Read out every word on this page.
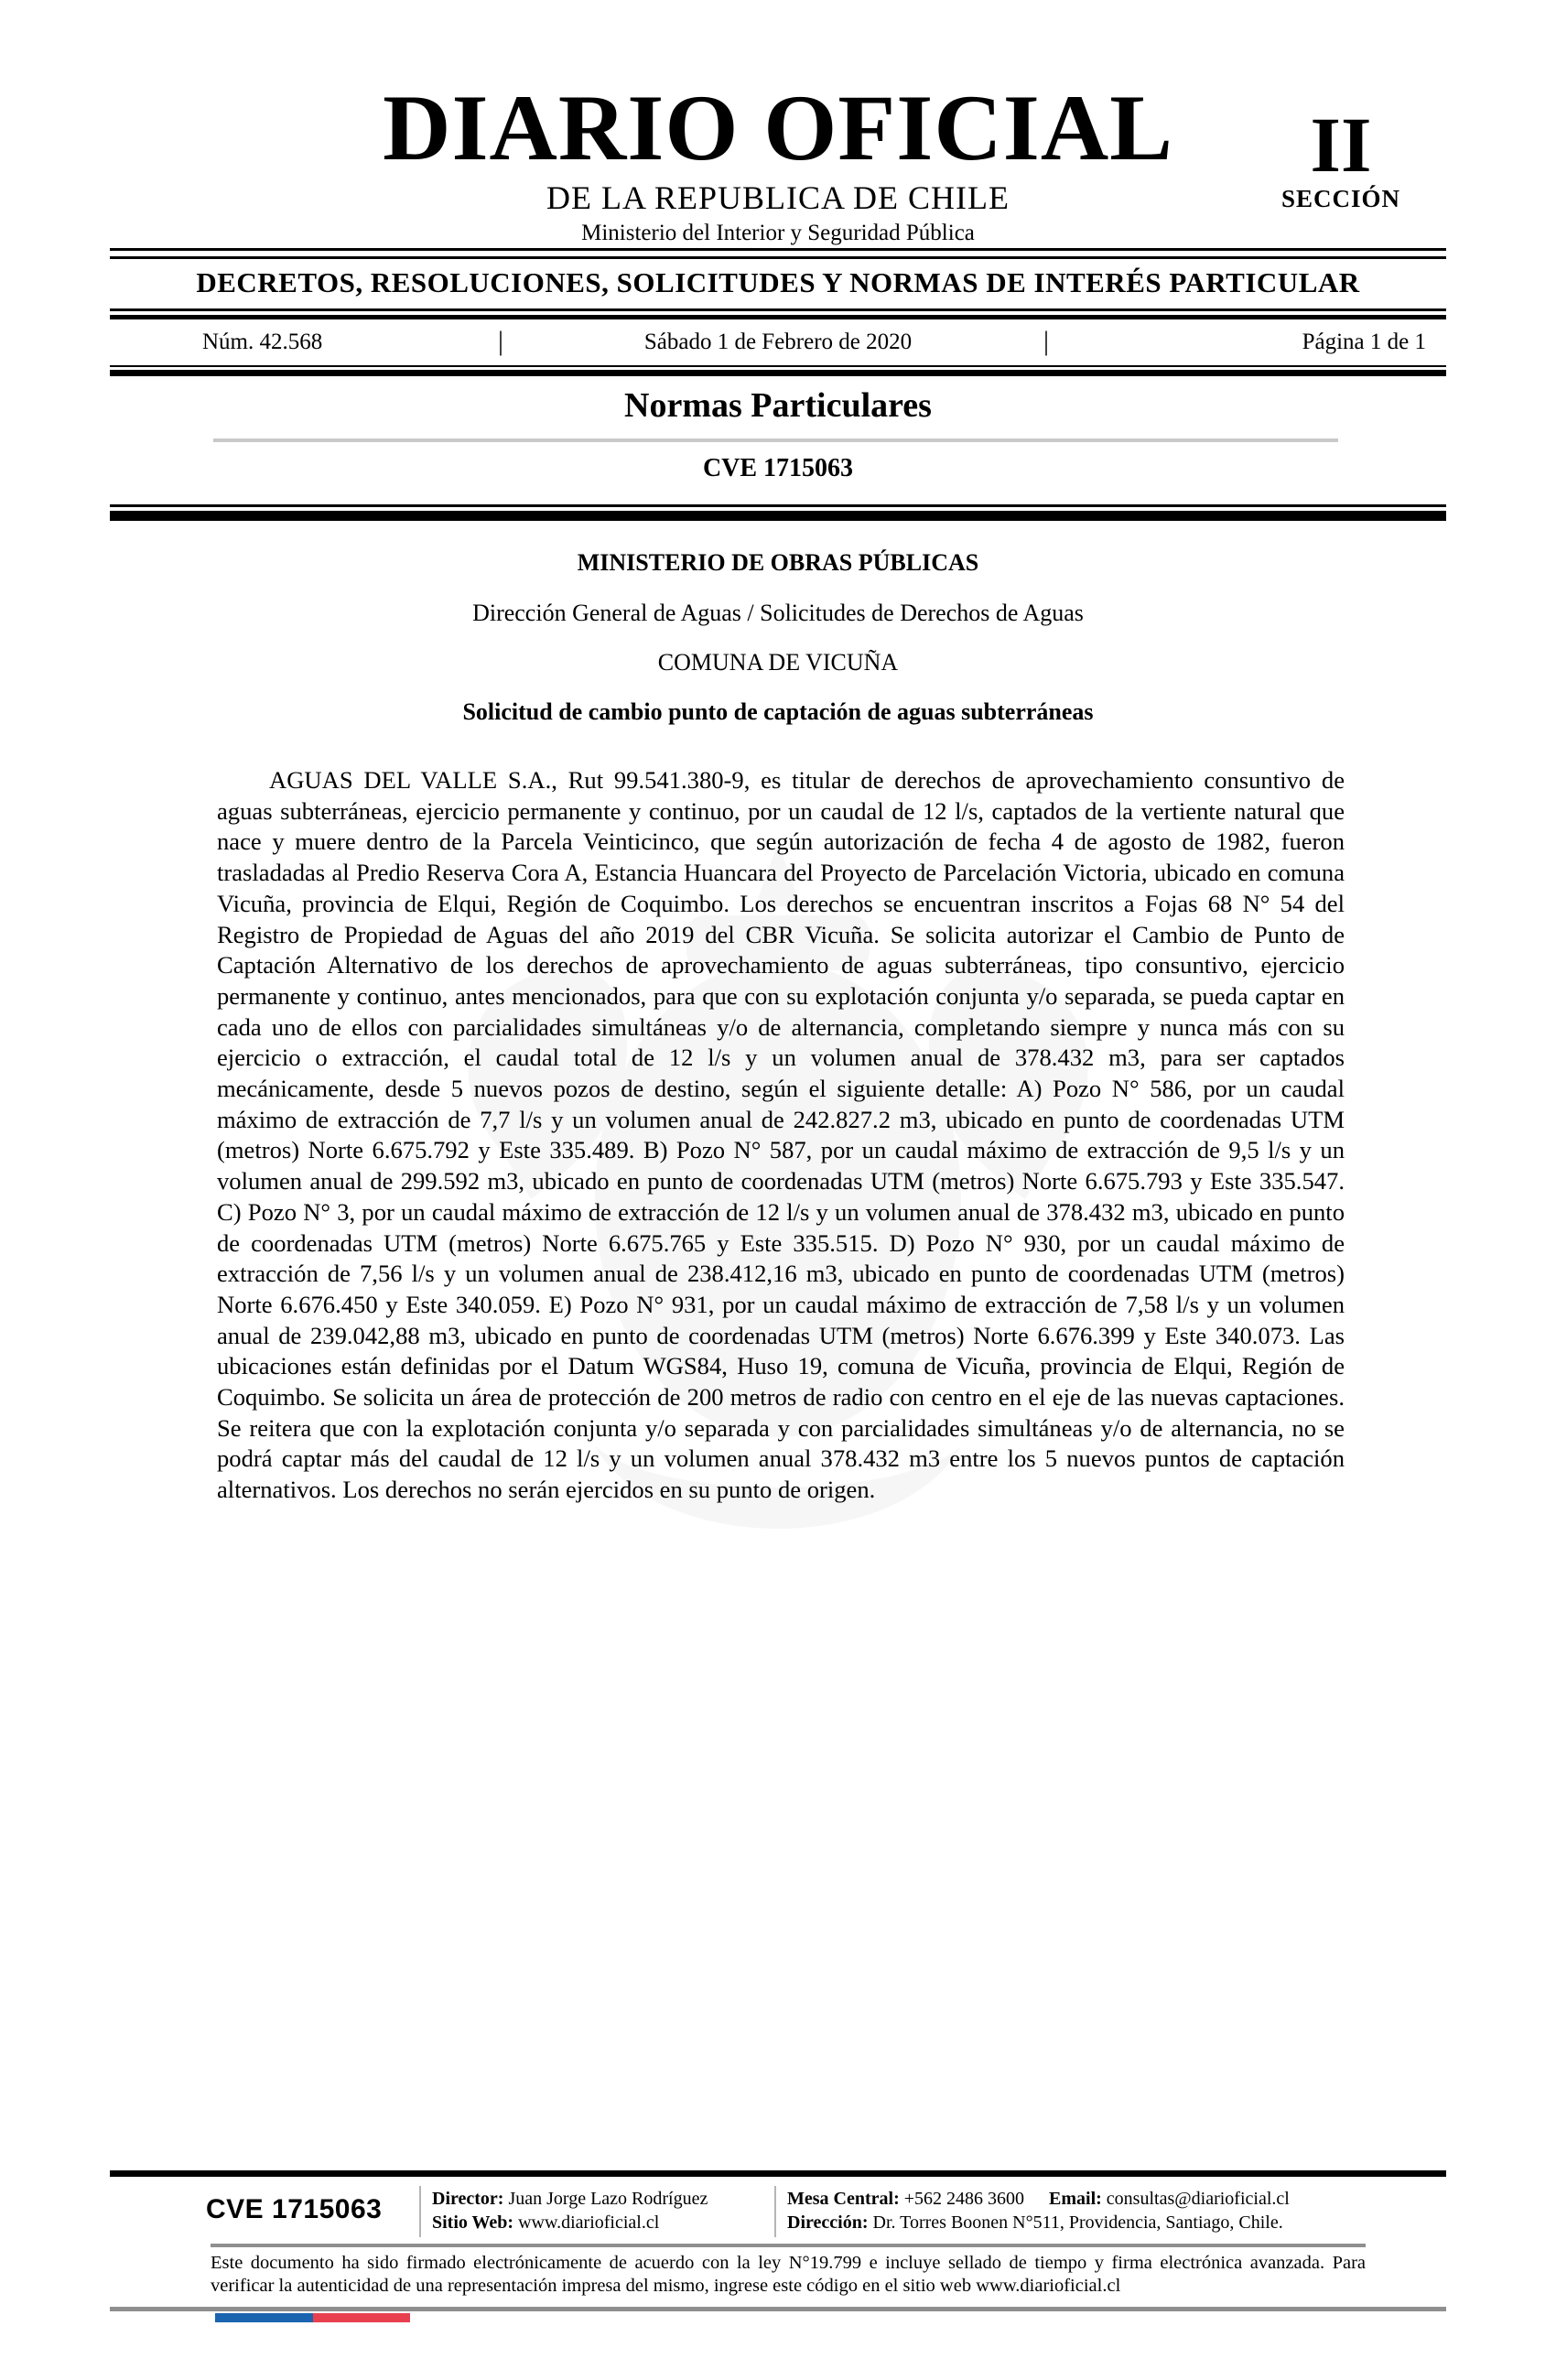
DIARIO OFICIAL
DE LA REPUBLICA DE CHILE
Ministerio del Interior y Seguridad Pública
II
SECCIÓN
DECRETOS, RESOLUCIONES, SOLICITUDES Y NORMAS DE INTERÉS PARTICULAR
Núm. 42.568	|	Sábado 1 de Febrero de 2020	|	Página 1 de 1
Normas Particulares
CVE 1715063
MINISTERIO DE OBRAS PÚBLICAS
Dirección General de Aguas / Solicitudes de Derechos de Aguas
COMUNA DE VICUÑA
Solicitud de cambio punto de captación de aguas subterráneas

AGUAS DEL VALLE S.A., Rut 99.541.380-9, es titular de derechos de aprovechamiento consuntivo de aguas subterráneas, ejercicio permanente y continuo, por un caudal de 12 l/s, captados de la vertiente natural que nace y muere dentro de la Parcela Veinticinco, que según autorización de fecha 4 de agosto de 1982, fueron trasladadas al Predio Reserva Cora A, Estancia Huancara del Proyecto de Parcelación Victoria, ubicado en comuna Vicuña, provincia de Elqui, Región de Coquimbo. Los derechos se encuentran inscritos a Fojas 68 N° 54 del Registro de Propiedad de Aguas del año 2019 del CBR Vicuña. Se solicita autorizar el Cambio de Punto de Captación Alternativo de los derechos de aprovechamiento de aguas subterráneas, tipo consuntivo, ejercicio permanente y continuo, antes mencionados, para que con su explotación conjunta y/o separada, se pueda captar en cada uno de ellos con parcialidades simultáneas y/o de alternancia, completando siempre y nunca más con su ejercicio o extracción, el caudal total de 12 l/s y un volumen anual de 378.432 m3, para ser captados mecánicamente, desde 5 nuevos pozos de destino, según el siguiente detalle: A) Pozo N° 586, por un caudal máximo de extracción de 7,7 l/s y un volumen anual de 242.827.2 m3, ubicado en punto de coordenadas UTM (metros) Norte 6.675.792 y Este 335.489. B) Pozo N° 587, por un caudal máximo de extracción de 9,5 l/s y un volumen anual de 299.592 m3, ubicado en punto de coordenadas UTM (metros) Norte 6.675.793 y Este 335.547. C) Pozo N° 3, por un caudal máximo de extracción de 12 l/s y un volumen anual de 378.432 m3, ubicado en punto de coordenadas UTM (metros) Norte 6.675.765 y Este 335.515. D) Pozo N° 930, por un caudal máximo de extracción de 7,56 l/s y un volumen anual de 238.412,16 m3, ubicado en punto de coordenadas UTM (metros) Norte 6.676.450 y Este 340.059. E) Pozo N° 931, por un caudal máximo de extracción de 7,58 l/s y un volumen anual de 239.042,88 m3, ubicado en punto de coordenadas UTM (metros) Norte 6.676.399 y Este 340.073. Las ubicaciones están definidas por el Datum WGS84, Huso 19, comuna de Vicuña, provincia de Elqui, Región de Coquimbo. Se solicita un área de protección de 200 metros de radio con centro en el eje de las nuevas captaciones. Se reitera que con la explotación conjunta y/o separada y con parcialidades simultáneas y/o de alternancia, no se podrá captar más del caudal de 12 l/s y un volumen anual 378.432 m3 entre los 5 nuevos puntos de captación alternativos. Los derechos no serán ejercidos en su punto de origen.

CVE 1715063	Director: Juan Jorge Lazo Rodríguez
Sitio Web: www.diarioficial.cl
Mesa Central: +562 2486 3600 Email: consultas@diarioficial.cl
Dirección: Dr. Torres Boonen N°511, Providencia, Santiago, Chile.

Este documento ha sido firmado electrónicamente de acuerdo con la ley N°19.799 e incluye sellado de tiempo y firma electrónica avanzada. Para verificar la autenticidad de una representación impresa del mismo, ingrese este código en el sitio web www.diarioficial.cl
